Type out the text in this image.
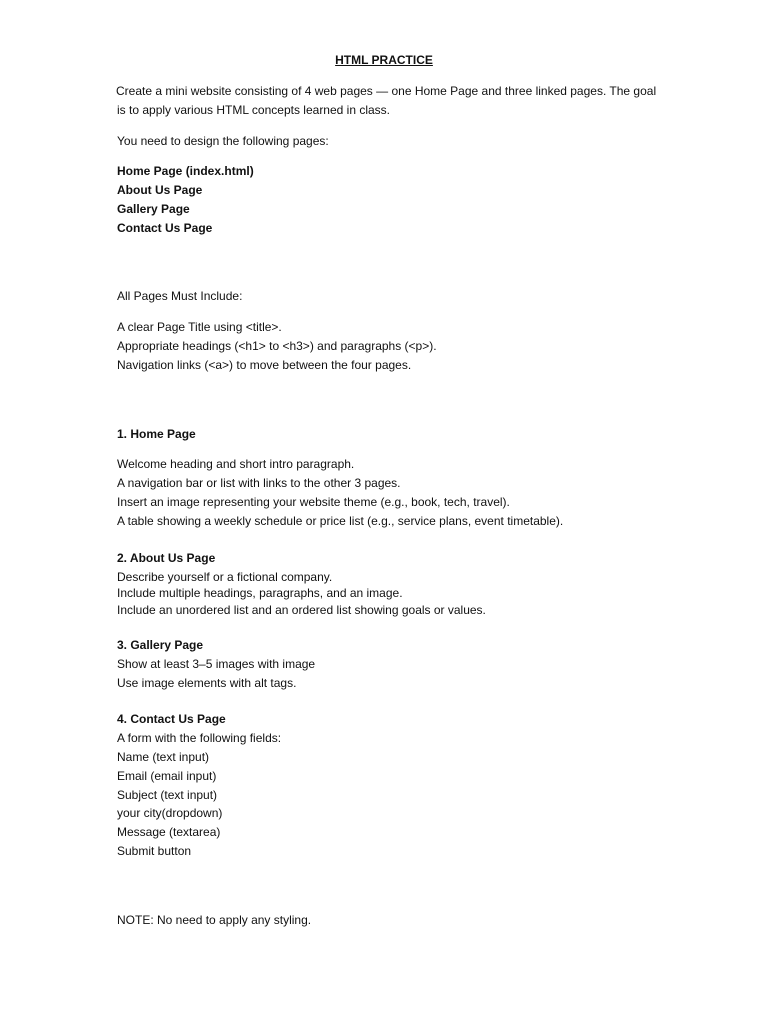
HTML PRACTICE
Create a mini website consisting of 4 web pages — one Home Page and three linked pages. The goal
is to apply various HTML concepts learned in class.
You need to design the following pages:
Home Page (index.html)
About Us Page
Gallery Page
Contact Us Page
All Pages Must Include:
A clear Page Title using <title>.
Appropriate headings (<h1> to <h3>) and paragraphs (<p>).
Navigation links (<a>) to move between the four pages.
1. Home Page
Welcome heading and short intro paragraph.
A navigation bar or list with links to the other 3 pages.
Insert an image representing your website theme (e.g., book, tech, travel).
A table showing a weekly schedule or price list (e.g., service plans, event timetable).
2. About Us Page
Describe yourself or a fictional company.
Include multiple headings, paragraphs, and an image.
Include an unordered list and an ordered list showing goals or values.
3. Gallery Page
Show at least 3–5 images with image
Use image elements with alt tags.
4. Contact Us Page
A form with the following fields:
Name (text input)
Email (email input)
Subject (text input)
your city(dropdown)
Message (textarea)
Submit button
NOTE: No need to apply any styling.
